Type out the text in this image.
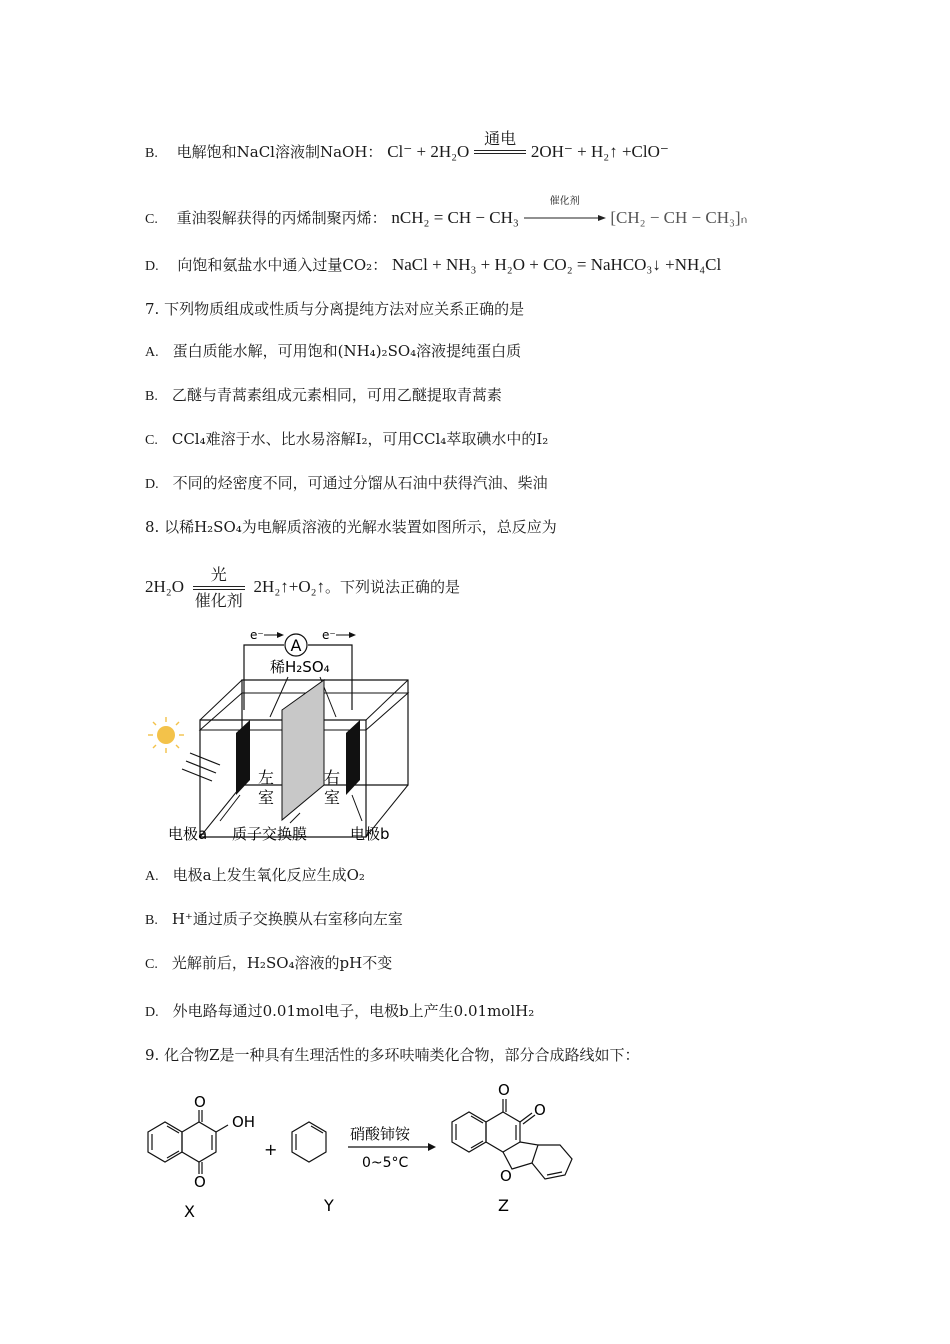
B. 电解饱和NaCl溶液制NaOH： Cl⁻ + 2H₂O
通电
2OH⁻ + H₂↑ +ClO⁻
C. 重油裂解获得的丙烯制聚丙烯： nCH₂ = CH − CH₃
催化剂
[CH₂ − CH − CH₃]ₙ
D. 向饱和氨盐水中通入过量CO₂： NaCl + NH₃ + H₂O + CO₂ = NaHCO₃↓ +NH₄Cl
7. 下列物质组成或性质与分离提纯方法对应关系正确的是
A. 蛋白质能水解，可用饱和(NH₄)₂SO₄溶液提纯蛋白质
B. 乙醚与青蒿素组成元素相同，可用乙醚提取青蒿素
C. CCl₄难溶于水、比水易溶解I₂，可用CCl₄萃取碘水中的I₂
D. 不同的烃密度不同，可通过分馏从石油中获得汽油、柴油
8. 以稀H₂SO₄为电解质溶液的光解水装置如图所示，总反应为
2H₂O
光
催化剂
2H₂↑+O₂↑。下列说法正确的是
A
e⁻	e⁻
稀H₂SO₄
左
室
右
室
电极a 质子交换膜	电极b
A. 电极a上发生氧化反应生成O₂
B. H⁺通过质子交换膜从右室移向左室
C. 光解前后，H₂SO₄溶液的pH不变
D. 外电路每通过0.01mol电子，电极b上产生0.01molH₂
9. 化合物Z是一种具有生理活性的多环呋喃类化合物，部分合成路线如下：
OH
O
O
O
O
O
+
硝酸铈铵
0~5°C
X	Y	Z
